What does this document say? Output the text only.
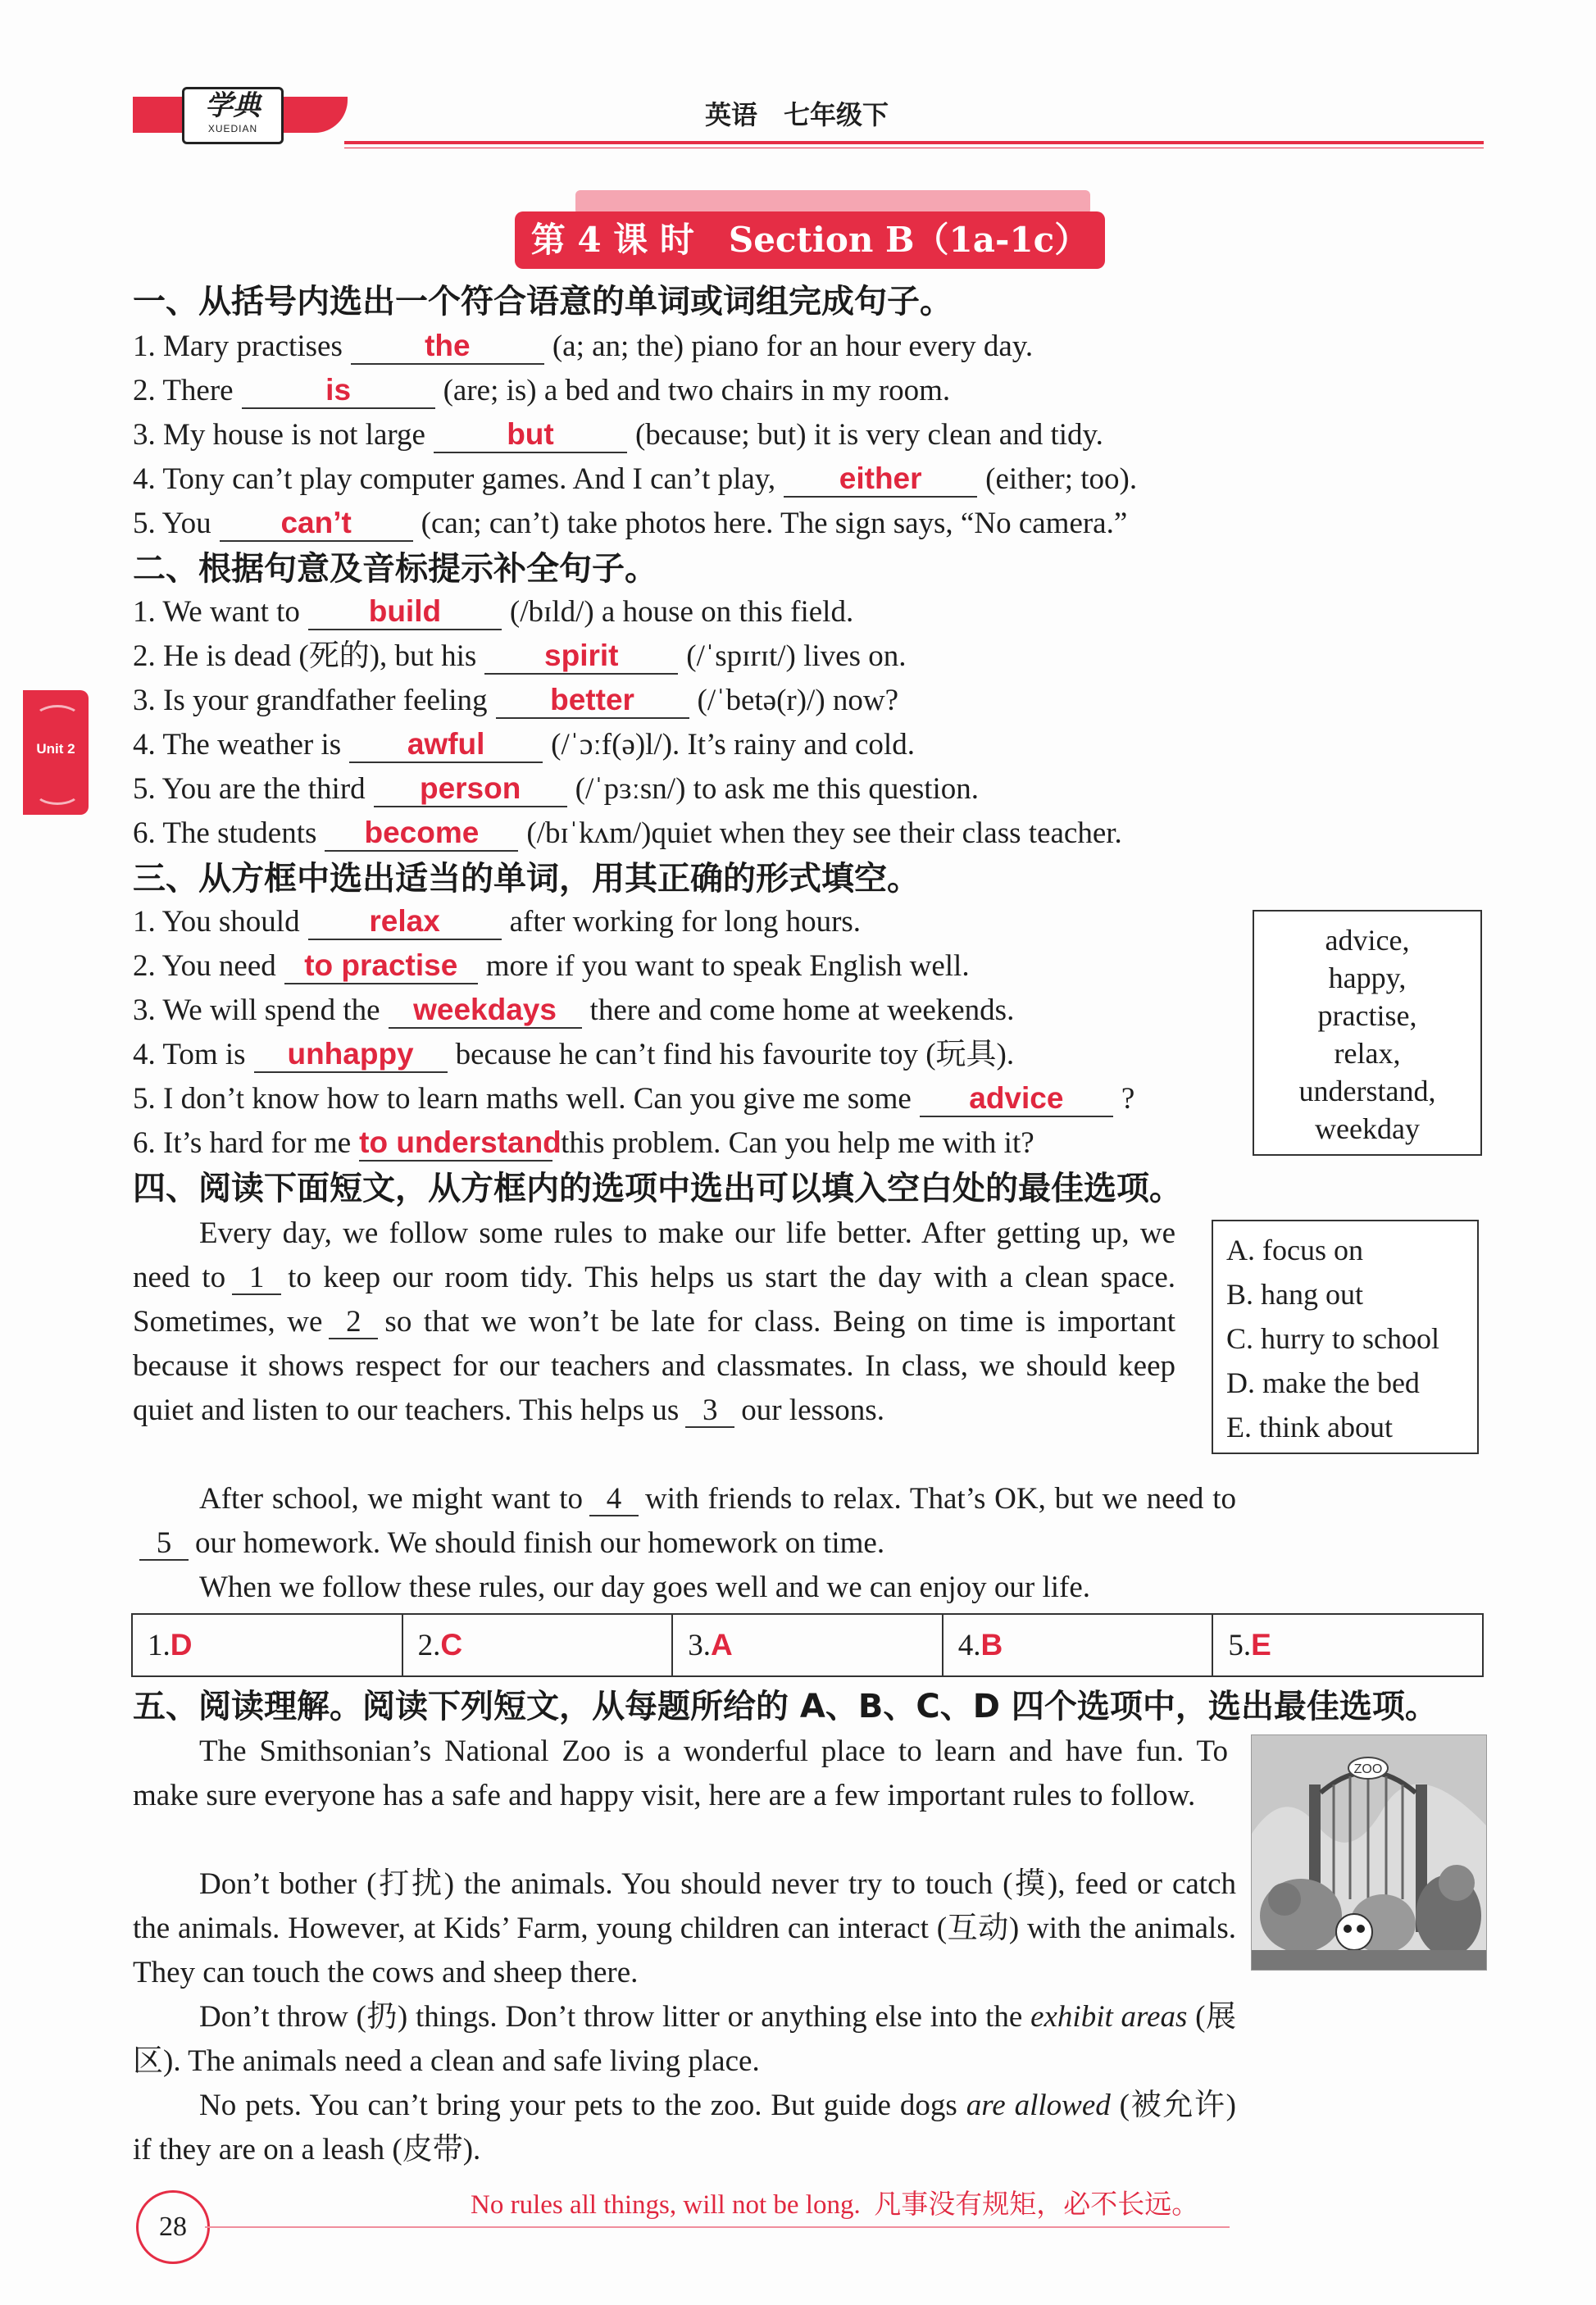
学典
XUEDIAN	英语　七年级下
Unit 2
第 4 课 时　Section B（1a-1c）
一、从括号内选出一个符合语意的单词或词组完成句子。
1. Mary practises	the	(a; an; the) piano for an hour every day.
2. There	is	(are; is) a bed and two chairs in my room.
3. My house is not large	but	(because; but) it is very clean and tidy.
4. Tony can’t play computer games. And I can’t play, either (either; too).
5. You can’t (can; can’t) take photos here. The sign says, “No camera.”
二、根据句意及音标提示补全句子。
1. We want to build (/bɪld/) a house on this field.
2. He is dead (死的), but his spirit (/ˈspɪrɪt/) lives on.
3. Is your grandfather feeling better (/ˈbetə(r)/) now?
4. The weather is awful (/ˈɔːf(ə)l/). It’s rainy and cold.
5. You are the third person (/ˈpɜːsn/) to ask me this question.
6. The students become (/bɪˈkʌm/)quiet when they see their class teacher.
三、从方框中选出适当的单词，用其正确的形式填空。
1. You should relax after working for long hours.
2. You need to practise more if you want to speak English well.
3. We will spend the weekdays there and come home at weekends.
4. Tom is unhappy because he can’t find his favourite toy (玩具).
5. I don’t know how to learn maths well. Can you give me some advice ?
6. It’s hard for me to understandthis problem. Can you help me with it?
advice,
happy,
practise,
relax,
understand,
weekday
四、阅读下面短文，从方框内的选项中选出可以填入空白处的最佳选项。
Every day, we follow some rules to make our life better. After getting up, we need to 1 to keep our room tidy. This helps us start the day with a clean space. Sometimes, we 2 so that we won’t be late for class. Being on time is important because it shows respect for our teachers and classmates. In class, we should keep quiet and listen to our teachers. This helps us 3 our lessons.
A. focus on
B. hang out
C. hurry to school
D. make the bed
E. think about
After school, we might want to 4 with friends to relax. That’s OK, but we need to5 our homework. We should finish our homework on time.
When we follow these rules, our day goes well and we can enjoy our life.
1.D	2.C	3.A	4.B	5.E
五、阅读理解。阅读下列短文，从每题所给的 A、B、C、D 四个选项中，选出最佳选项。
The Smithsonian’s National Zoo is a wonderful place to learn and have fun. To make sure everyone has a safe and happy visit, here are a few important rules to follow.
ZOO
Don’t bother (打扰) the animals. You should never try to touch (摸), feed or catch the animals. However, at Kids’ Farm, young children can interact (互动) with the animals. They can touch the cows and sheep there.
Don’t throw (扔) things. Don’t throw litter or anything else into the exhibit areas (展区). The animals need a clean and safe living place.
No pets. You can’t bring your pets to the zoo. But guide dogs are allowed (被允许) if they are on a leash (皮带).
28
No rules all things, will not be long.  凡事没有规矩，必不长远。
